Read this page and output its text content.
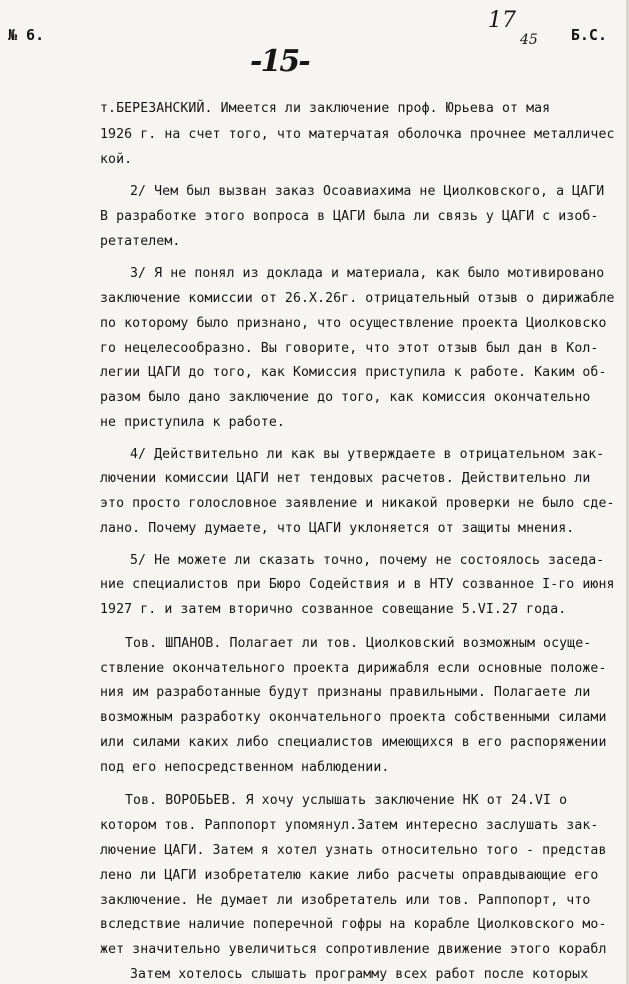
№ 6.	Б.С.
17
45
-15-
т.БЕРЕЗАНСКИЙ. Имеется ли заключение проф. Юрьева от мая
1926 г. на счет того, что матерчатая оболочка прочнее металличес
кой.
2/ Чем был вызван заказ Осоавиахима не Циолковского, а ЦАГИ
В разработке этого вопроса в ЦАГИ была ли связь у ЦАГИ с изоб-
ретателем.
3/ Я не понял из доклада и материала, как было мотивировано
заключение комиссии от 26.Х.26г. отрицательный отзыв о дирижабле
по которому было признано, что осуществление проекта Циолковско
го нецелесообразно. Вы говорите, что этот отзыв был дан в Кол-
легии ЦАГИ до того, как Комиссия приступила к работе. Каким об-
разом было дано заключение до того, как комиссия окончательно
не приступила к работе.
4/ Действительно ли как вы утверждаете в отрицательном зак-
лючении комиссии ЦАГИ нет тендовых расчетов. Действительно ли
это просто голословное заявление и никакой проверки не было сде-
лано. Почему думаете, что ЦАГИ уклоняется от защиты мнения.
5/ Не можете ли сказать точно, почему не состоялось заседа-
ние специалистов при Бюро Содействия и в НТУ созванное I-го июня
1927 г. и затем вторично созванное совещание 5.VI.27 года.
Тов. ШПАНОВ. Полагает ли тов. Циолковский возможным осуще-
ствление окончательного проекта дирижабля если основные положе-
ния им разработанные будут признаны правильными. Полагаете ли
возможным разработку окончательного проекта собственными силами
или силами каких либо специалистов имеющихся в его распоряжении
под его непосредственном наблюдении.
Тов. ВОРОБЬЕВ. Я хочу услышать заключение НК от 24.VI о
котором тов. Раппопорт упомянул.Затем интересно заслушать зак-
лючение ЦАГИ. Затем я хотел узнать относительно того - представ
лено ли ЦАГИ изобретателю какие либо расчеты оправдывающие его
заключение. Не думает ли изобретатель или тов. Раппопорт, что
вследствие наличие поперечной гофры на корабле Циолковского мо-
жет значительно увеличиться сопротивление движение этого корабл
Затем хотелось слышать программу всех работ после которых
